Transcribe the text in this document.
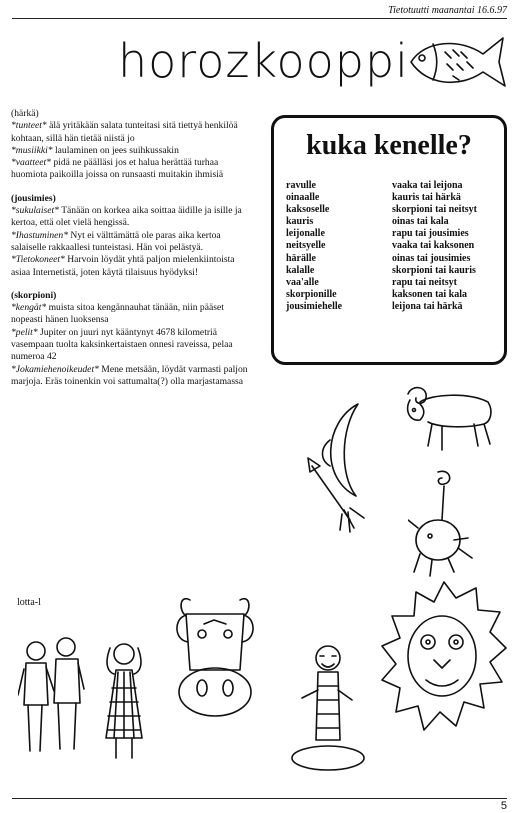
Tietotuutti maanantai 16.6.97
horozkooppi

(härkä)

*tunteet* älä yritäkään salata tunteitasi sitä tiettyä henkilöä kohtaan, sillä hän tietää niistä jo

*musiikki* laulaminen on jees suihkussakin

*vaatteet* pidä ne päälläsi jos et halua herättää turhaa huomiota paikoilla joissa on runsaasti muitakin ihmisiä

(jousimies)

*sukulaiset* Tänään on korkea aika soittaa äidille ja isille ja kertoa, että olet vielä hengissä.

*Ihastuminen* Nyt ei välttämättä ole paras aika kertoa salaiselle rakkaallesi tunteistasi. Hän voi pelästyä.

*Tietokoneet* Harvoin löydät yhtä paljon mielenkiintoista asiaa Internetistä, joten käytä tilaisuus hyödyksi!

(skorpioni)

*kengät* muista sitoa kengännauhat tänään, niin pääset nopeasti hänen luoksensa

*pelit* Jupiter on juuri nyt kääntynyt 4678 kilometriä vasempaan tuolta kaksinkertaistaen onnesi raveissa, pelaa numeroa 42

*Jokamiehenoikeudet* Mene metsään, löydät varmasti paljon marjoja. Eräs toinenkin voi sattumalta(?) olla marjastamassa

kuka kenelle?
ravulle	vaaka tai leijona
oinaalle	kauris tai härkä
kaksoselle	skorpioni tai neitsyt
kauris	oinas tai kala
leijonalle	rapu tai jousimies
neitsyelle	vaaka tai kaksonen
härälle	oinas tai jousimies
kalalle	skorpioni tai kauris
vaa'alle	rapu tai neitsyt
skorpionille	kaksonen tai kala
jousimiehelle	leijona tai härkä
lotta-l
5
